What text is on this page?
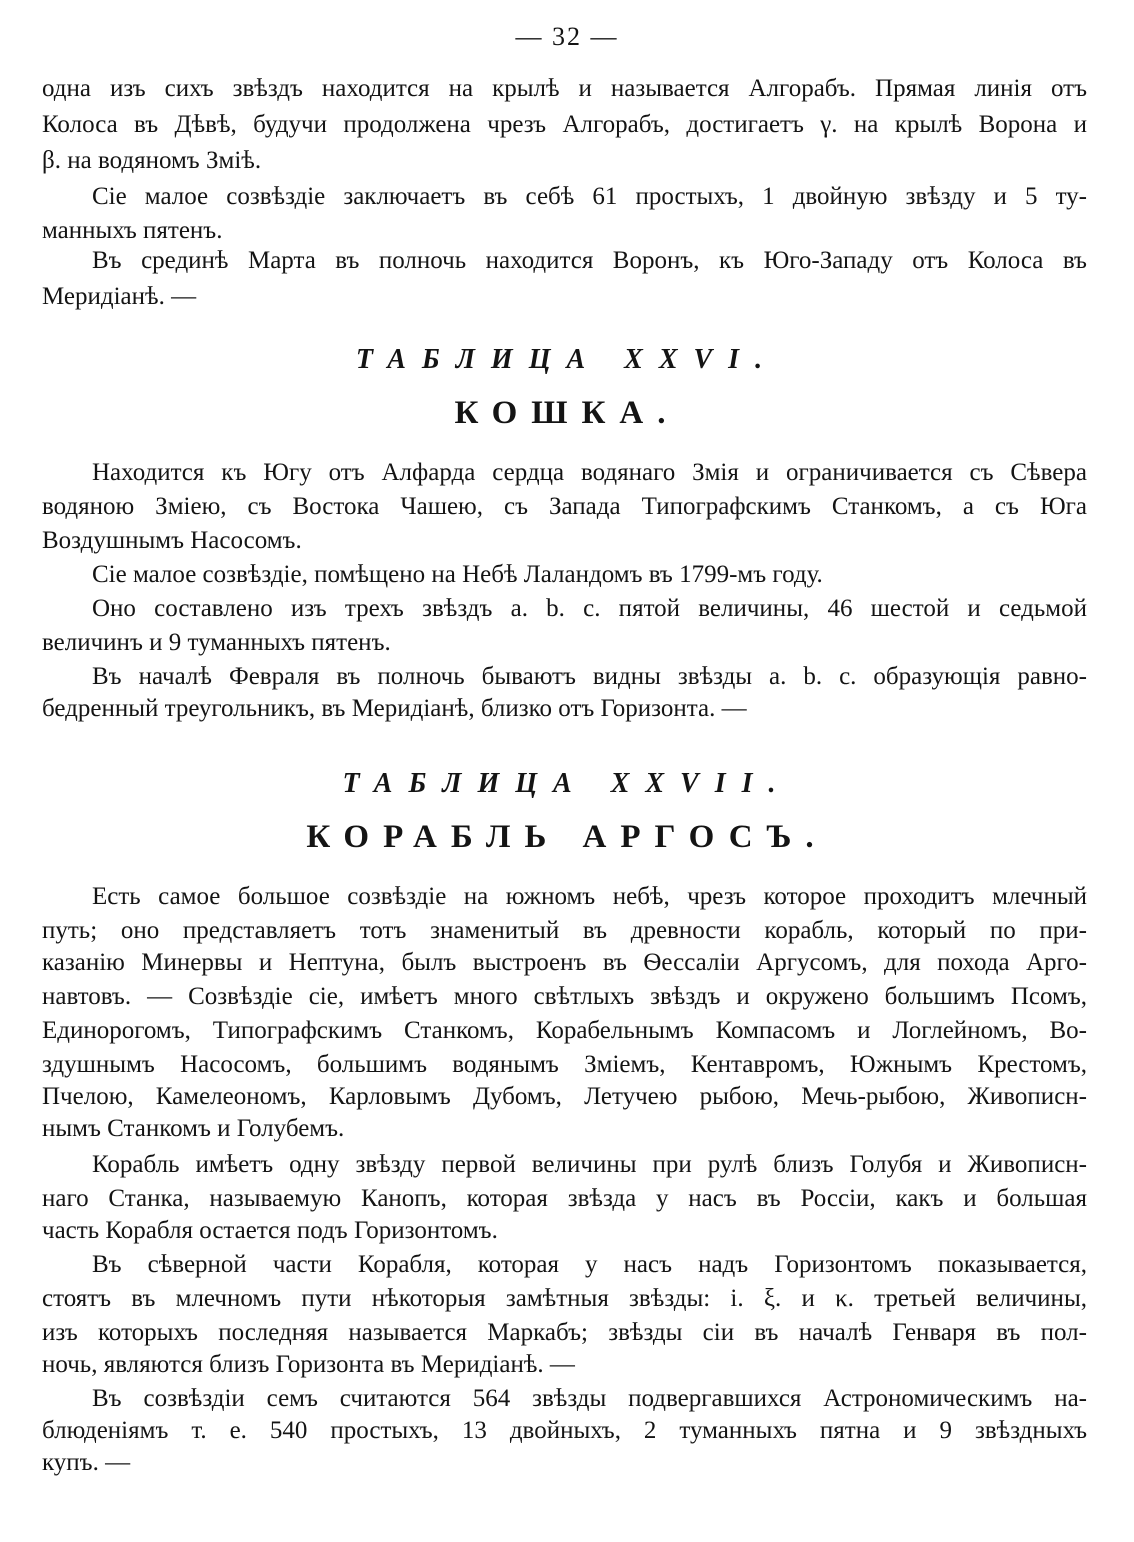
— 32 —
одна изъ сихъ звѣздъ находится на крылѣ и называется Алгорабъ. Прямая линія отъ
Колоса въ Дѣвѣ, будучи продолжена чрезъ Алгорабъ, достигаетъ γ. на крылѣ Ворона и
β. на водяномъ Змiѣ.
Сiе малое созвѣздiе заключаетъ въ себѣ 61 простыхъ, 1 двойную звѣзду и 5 ту-
манныхъ пятенъ.
Въ срединѣ Марта въ полночь находится Воронъ, къ Юго-Западу отъ Колоса въ
Меридiанѣ. —
ТАБЛИЦА XXVI.
КОШКА.
Находится къ Югу отъ Алфарда сердца водянаго Змiя и ограничивается съ Сѣвера
водяною Змiею, съ Востока Чашею, съ Запада Типографскимъ Станкомъ, а съ Юга
Воздушнымъ Насосомъ.
Сiе малое созвѣздiе, помѣщено на Небѣ Лаландомъ въ 1799-мъ году.
Оно составлено изъ трехъ звѣздъ a. b. c. пятой величины, 46 шестой и седьмой
величинъ и 9 туманныхъ пятенъ.
Въ началѣ Февраля въ полночь бываютъ видны звѣзды a. b. c. образующiя равно-
бедренный треугольникъ, въ Меридiанѣ, близко отъ Горизонта. —
ТАБЛИЦА XXVII.
КОРАБЛЬ АРГОСЪ.
Есть самое большое созвѣздiе на южномъ небѣ, чрезъ которое проходитъ млечный
путь; оно представляетъ тотъ знаменитый въ древности корабль, который по при-
казанiю Минервы и Нептуна, былъ выстроенъ въ Ѳессалiи Аргусомъ, для похода Арго-
навтовъ. — Созвѣздiе сiе, имѣетъ много свѣтлыхъ звѣздъ и окружено большимъ Псомъ,
Единорогомъ, Типографскимъ Станкомъ, Корабельнымъ Компасомъ и Логлейномъ, Во-
здушнымъ Насосомъ, большимъ водянымъ Змiемъ, Кентавромъ, Южнымъ Крестомъ,
Пчелою, Камелеономъ, Карловымъ Дубомъ, Летучею рыбою, Мечь-рыбою, Живописн-
нымъ Станкомъ и Голубемъ.
Корабль имѣетъ одну звѣзду первой величины при рулѣ близъ Голубя и Живописн-
наго Станка, называемую Канопъ, которая звѣзда у насъ въ Россiи, какъ и большая
часть Корабля остается подъ Горизонтомъ.
Въ сѣверной части Корабля, которая у насъ надъ Горизонтомъ показывается,
стоятъ въ млечномъ пути нѣкоторыя замѣтныя звѣзды: i. ξ. и κ. третьей величины,
изъ которыхъ последняя называется Маркабъ; звѣзды сiи въ началѣ Генваря въ пол-
ночь, являются близъ Горизонта въ Меридiанѣ. —
Въ созвѣздiи семъ считаются 564 звѣзды подвергавшихся Астрономическимъ на-
блюденiямъ т. е. 540 простыхъ, 13 двойныхъ, 2 туманныхъ пятна и 9 звѣздныхъ
купъ. —
